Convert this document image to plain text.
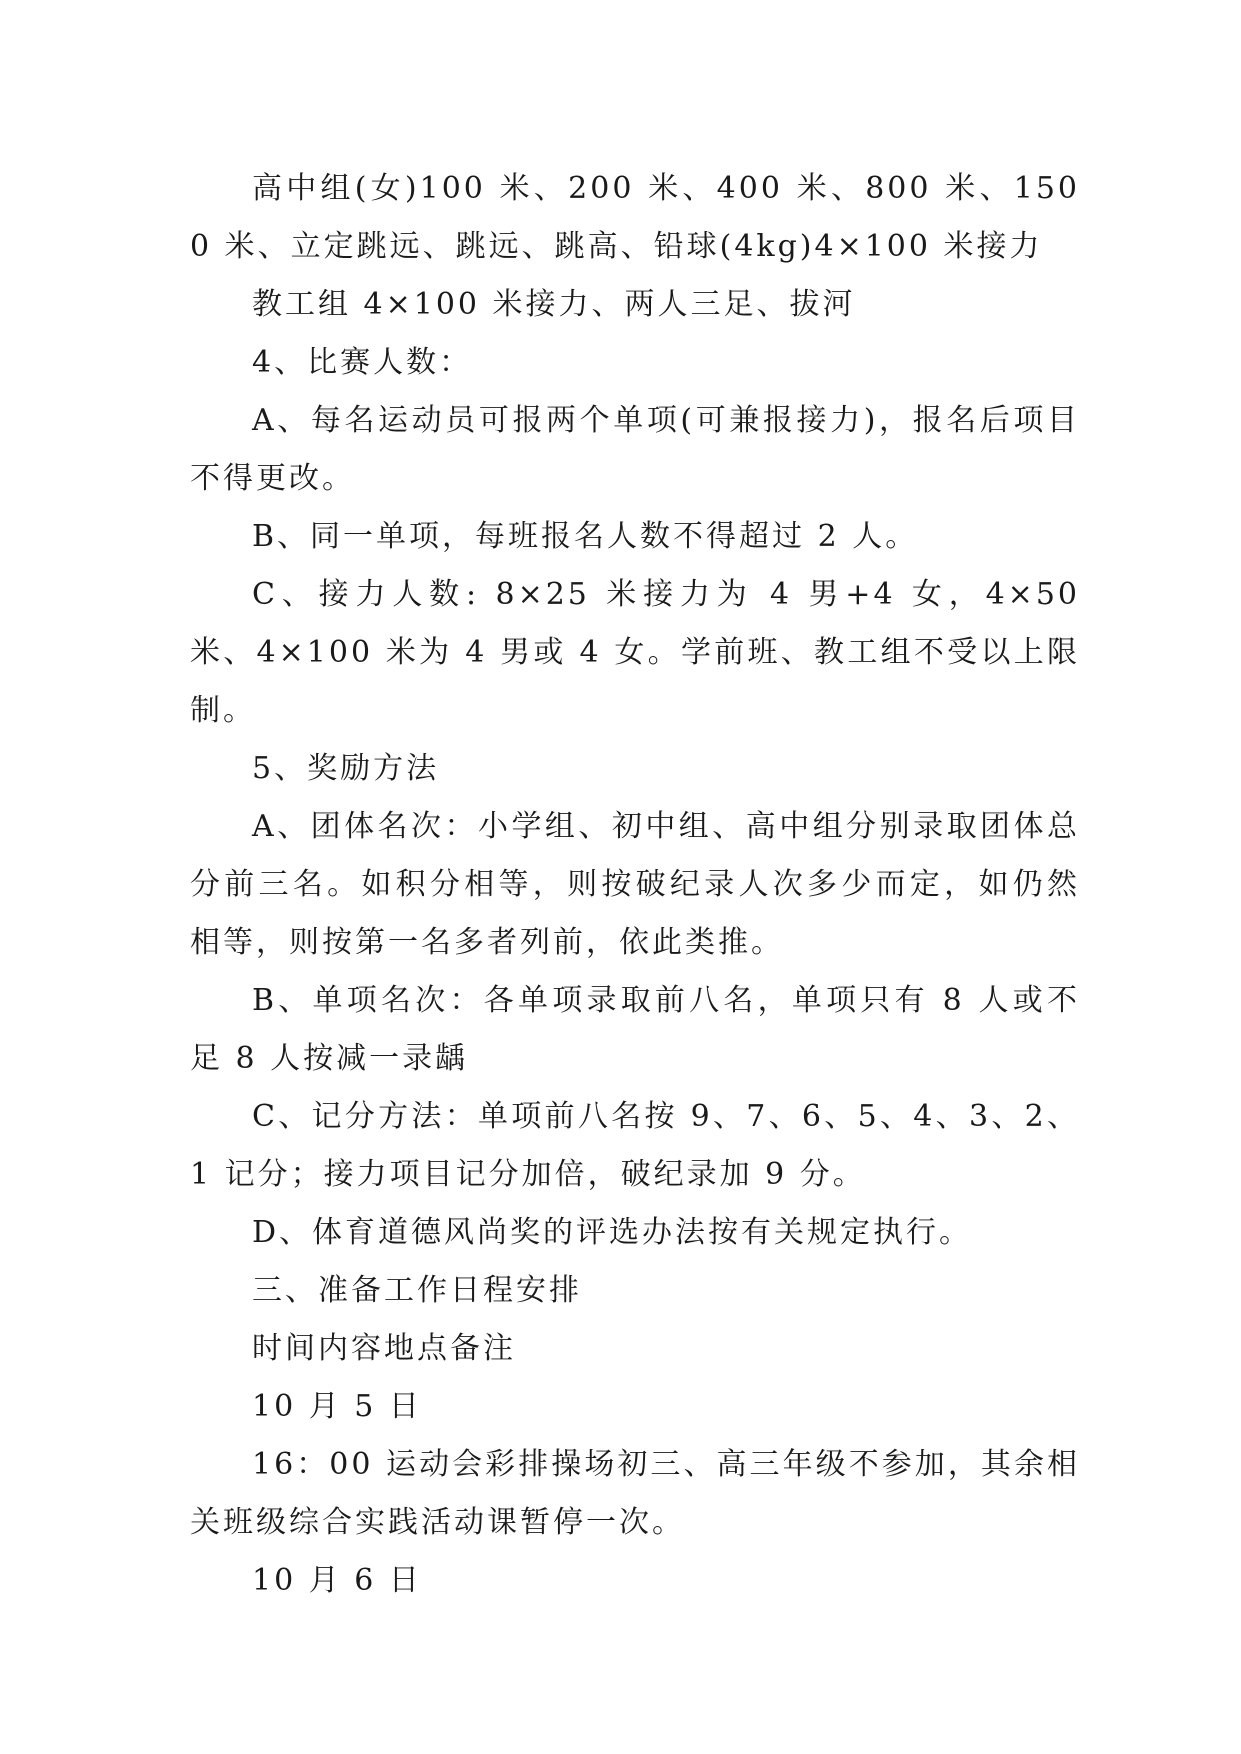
高中组(女)100 米、200 米、400 米、800 米、1500 米、立定跳远、跳远、跳高、铅球(4kg)4×100 米接力

教工组 4×100 米接力、两人三足、拔河

4、比赛人数：

A、每名运动员可报两个单项(可兼报接力)，报名后项目不得更改。

B、同一单项，每班报名人数不得超过 2 人。

C、接力人数: 8×25 米接力为 4 男+4 女，4×50 米、4×100 米为 4 男或 4 女。学前班、教工组不受以上限制。

5、奖励方法

A、团体名次：小学组、初中组、高中组分别录取团体总分前三名。如积分相等，则按破纪录人次多少而定，如仍然相等，则按第一名多者列前，依此类推。

B、单项名次：各单项录取前八名，单项只有 8 人或不足 8 人按减一录龋

C、记分方法：单项前八名按 9、7、6、5、4、3、2、1 记分；接力项目记分加倍，破纪录加 9 分。

D、体育道德风尚奖的评选办法按有关规定执行。

三、准备工作日程安排

时间内容地点备注

10 月 5 日

16：00 运动会彩排操场初三、高三年级不参加，其余相关班级综合实践活动课暂停一次。

10 月 6 日
